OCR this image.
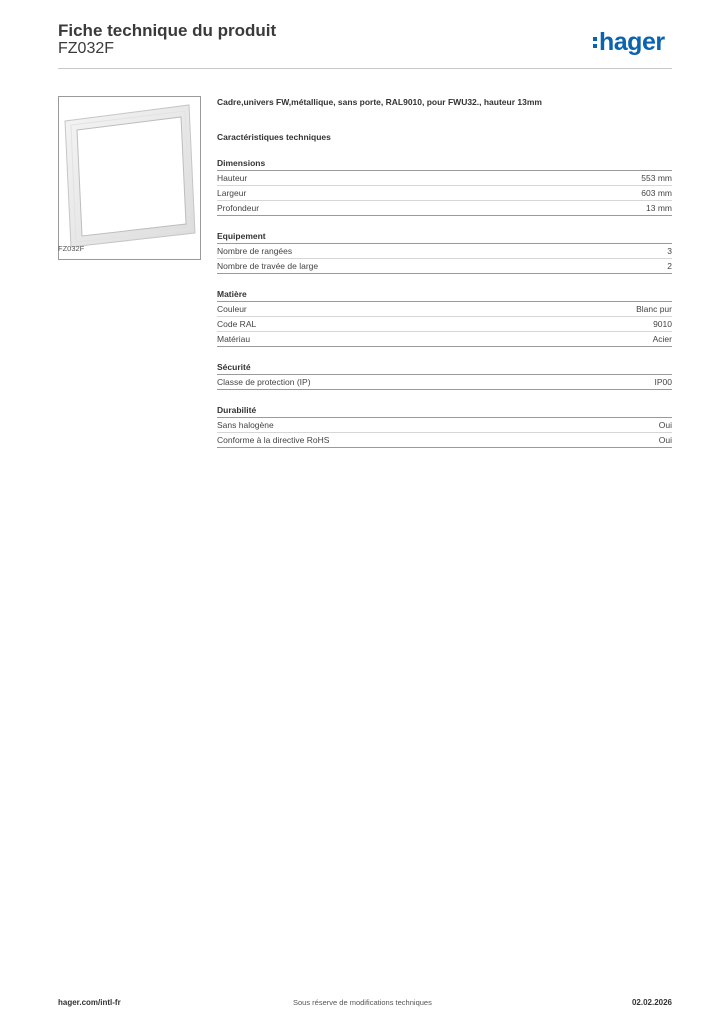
Fiche technique du produit
FZ032F	hager
FZ032F
Cadre,univers FW,métallique, sans porte, RAL9010, pour FWU32., hauteur 13mm
Caractéristiques techniques
Dimensions
Hauteur	553 mm
Largeur	603 mm
Profondeur	13 mm
Equipement
Nombre de rangées	3
Nombre de travée de large	2
Matière
Couleur	Blanc pur
Code RAL	9010
Matériau	Acier
Sécurité
Classe de protection (IP)	IP00
Durabilité
Sans halogène	Oui
Conforme à la directive RoHS	Oui
hager.com/intl-fr	Sous réserve de modifications techniques	02.02.2026
